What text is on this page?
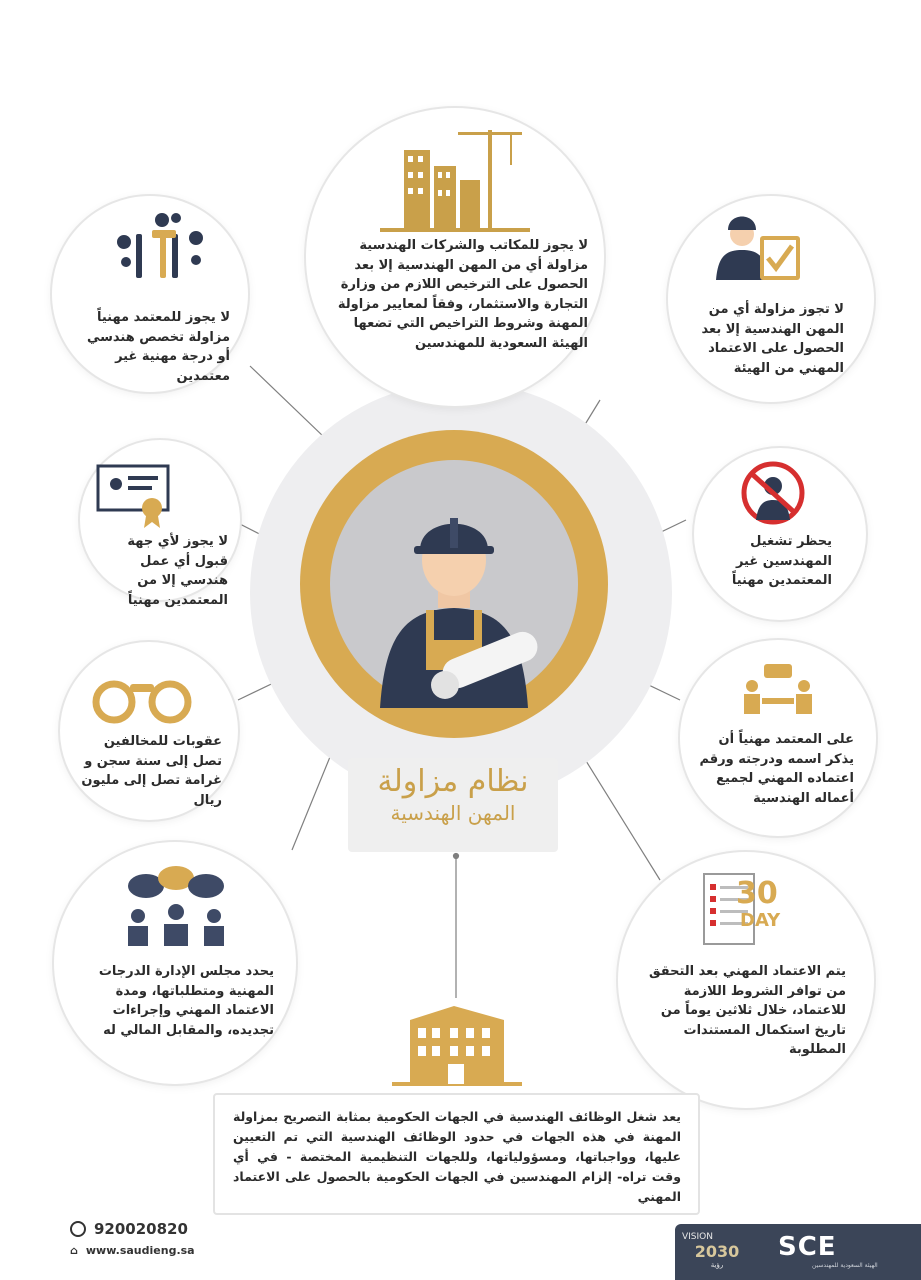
نظام مزاولة
المهن الهندسية
لا يجوز للمكاتب والشركات الهندسية مزاولة أي من المهن الهندسية إلا بعد الحصول على الترخيص اللازم من وزارة التجارة والاستثمار، وفقاً لمعايير مزاولة المهنة وشروط التراخيص التي تضعها الهيئة السعودية للمهندسين
لا يجوز للمعتمد مهنياً مزاولة تخصص هندسي أو درجة مهنية غير معتمدين
لا تجوز مزاولة أي من المهن الهندسية إلا بعد الحصول على الاعتماد المهني من الهيئة
لا يجوز لأي جهة قبول أي عمل هندسي إلا من المعتمدين مهنياً
يحظر تشغيل المهندسين غير المعتمدين مهنياً
عقوبات للمخالفين تصل إلى سنة سجن و غرامة تصل إلى مليون ريال
على المعتمد مهنياً أن يذكر اسمه ودرجته ورقم اعتماده المهني لجميع أعماله الهندسية
يحدد مجلس الإدارة الدرجات المهنية ومتطلباتها، ومدة الاعتماد المهني وإجراءات تجديده، والمقابل المالي له
30
DAY
يتم الاعتماد المهني بعد التحقق من توافر الشروط اللازمة للاعتماد، خلال ثلاثين يوماً من تاريخ استكمال المستندات المطلوبة
يعد شغل الوظائف الهندسية في الجهات الحكومية بمثابة التصريح بمزاولة المهنة في هذه الجهات في حدود الوظائف الهندسية التي تم التعيين عليها، وواجباتها، ومسؤولياتها، وللجهات التنظيمية المختصة - في أي وقت تراه- إلزام المهندسين في الجهات الحكومية بالحصول على الاعتماد المهني
920020820
⌂ www.saudieng.sa
VISION
2030
رؤية
SCE
الهيئة السعودية للمهندسين
